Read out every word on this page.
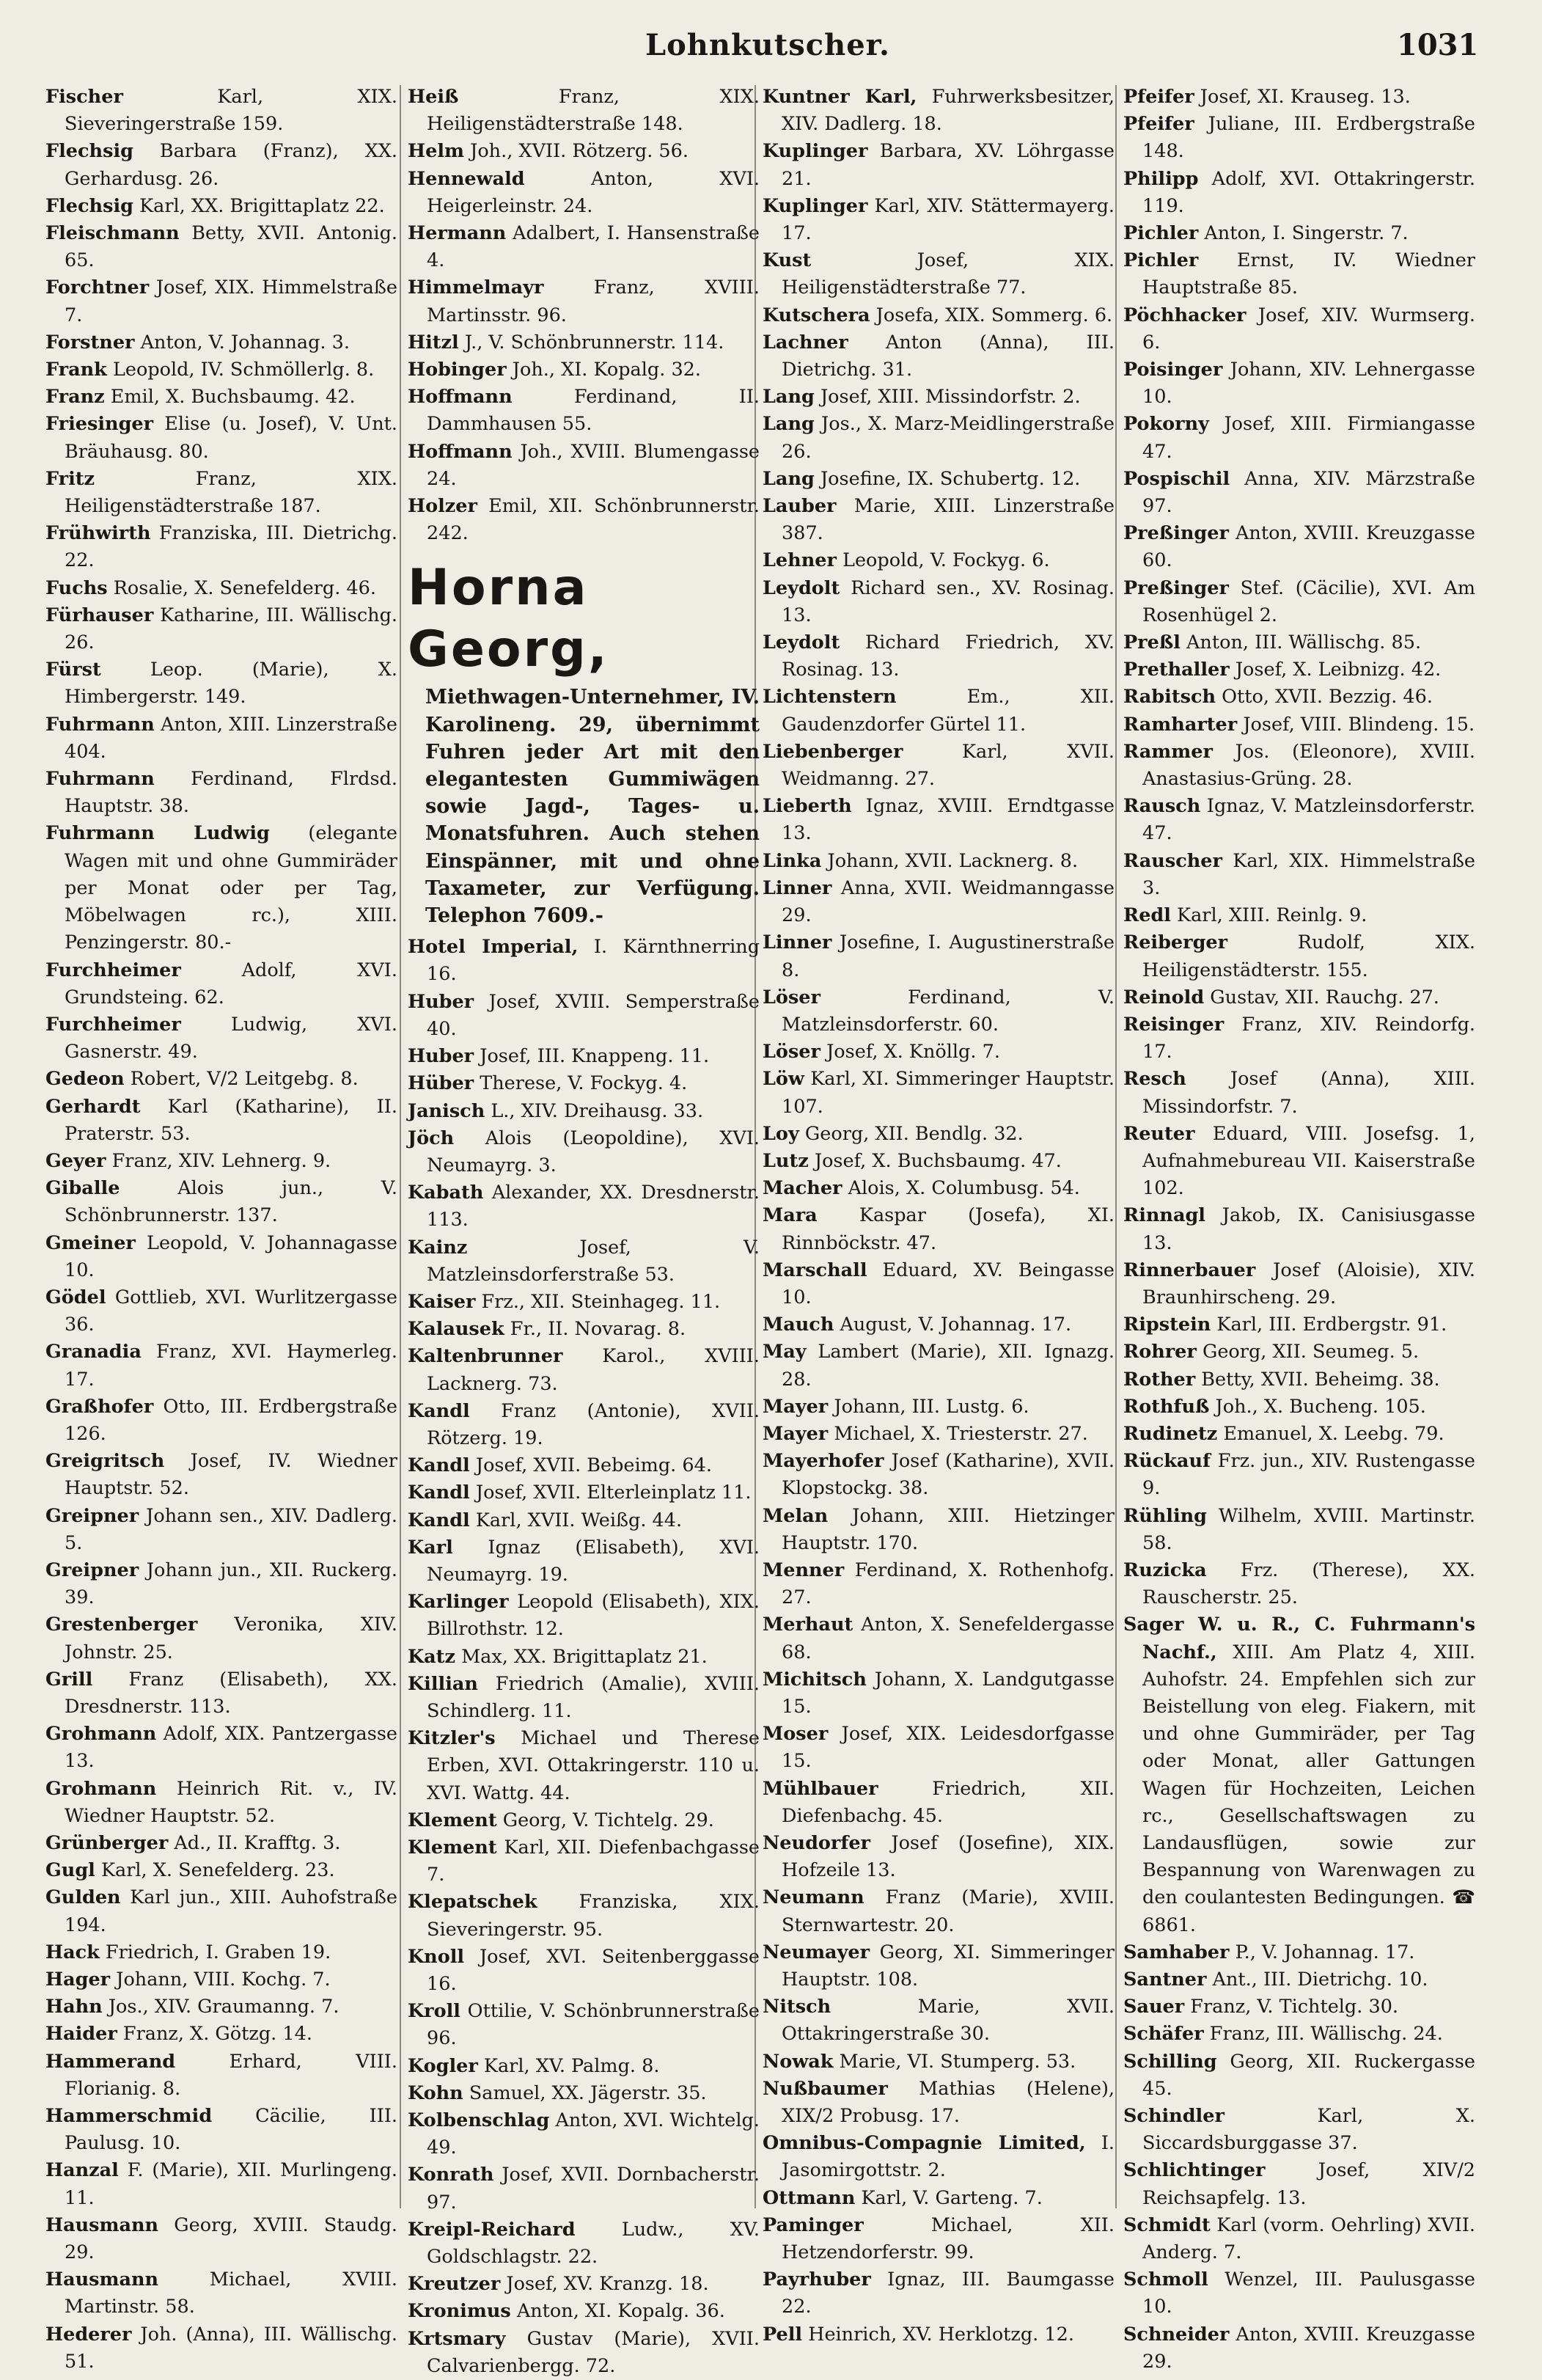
Lohnkutscher.	1031
Fischer	Karl, XIX. Sieveringerstraße 159.
Flechsig Barbara (Franz), XX. Gerhardusg. 26.
Flechsig Karl, XX. Brigittaplatz 22.
Fleischmann Betty, XVII. Antonig. 65.
Forchtner Josef, XIX. Himmelstraße 7.
Forstner Anton, V. Johannag. 3.
Frank Leopold, IV. Schmöllerlg. 8.
Franz Emil, X. Buchsbaumg. 42.
Friesinger Elise (u. Josef), V. Unt. Bräuhausg. 80.
Fritz	Franz, XIX. Heiligenstädterstraße 187.
Frühwirth Franziska, III. Dietrichg. 22.
Fuchs Rosalie, X. Senefelderg. 46.
Fürhauser Katharine, III. Wällischg. 26.
Fürst	Leop. (Marie), X. Himbergerstr. 149.
Fuhrmann Anton, XIII. Linzerstraße 404.
Fuhrmann Ferdinand, Flrdsd. Hauptstr. 38.
Fuhrmann Ludwig (elegante Wagen mit und ohne Gummiräder per Monat oder per Tag, Möbelwagen rc.), XIII. Penzingerstr. 80.-
Furchheimer	Adolf, XVI. Grundsteing. 62.
Furchheimer	Ludwig, XVI. Gasnerstr. 49.
Gedeon Robert, V/2 Leitgebg. 8.
Gerhardt Karl (Katharine), II. Praterstr. 53.
Geyer Franz, XIV. Lehnerg. 9.
Giballe	Alois jun., V. Schönbrunnerstr. 137.
Gmeiner Leopold, V. Johannagasse 10.
Gödel Gottlieb, XVI. Wurlitzergasse 36.
Granadia Franz, XVI. Haymerleg. 17.
Graßhofer Otto, III. Erdbergstraße 126.
Greigritsch Josef, IV. Wiedner Hauptstr. 52.
Greipner Johann sen., XIV. Dadlerg. 5.
Greipner Johann jun., XII. Ruckerg. 39.
Grestenberger Veronika, XIV. Johnstr. 25.
Grill Franz (Elisabeth), XX. Dresdnerstr. 113.
Grohmann Adolf, XIX. Pantzergasse 13.
Grohmann Heinrich Rit. v., IV. Wiedner Hauptstr. 52.
Grünberger Ad., II. Krafftg. 3.
Gugl Karl, X. Senefelderg. 23.
Gulden Karl jun., XIII. Auhofstraße 194.
Hack Friedrich, I. Graben 19.
Hager Johann, VIII. Kochg. 7.
Hahn Jos., XIV. Graumanng. 7.
Haider Franz, X. Götzg. 14.
Hammerand	Erhard, VIII. Florianig. 8.
Hammerschmid Cäcilie, III. Paulusg. 10.
Hanzal F. (Marie), XII. Murlingeng. 11.
Hausmann Georg, XVIII. Staudg. 29.
Hausmann	Michael, XVIII. Martinstr. 58.
Hederer Joh. (Anna), III. Wällischg. 51.
Heiß	Franz, XIX. Heiligenstädterstraße 148.
Helm Joh., XVII. Rötzerg. 56.
Hennewald	Anton, XVI. Heigerleinstr. 24.
Hermann Adalbert, I. Hansenstraße 4.
Himmelmayr	Franz, XVIII. Martinsstr. 96.
Hitzl J., V. Schönbrunnerstr. 114.
Hobinger Joh., XI. Kopalg. 32.
Hoffmann	Ferdinand, II. Dammhausen 55.
Hoffmann Joh., XVIII. Blumengasse 24.
Holzer Emil, XII. Schönbrunnerstr. 242.
Horna Georg,
Miethwagen-Unternehmer, IV. Karolineng. 29, übernimmt Fuhren jeder Art mit den elegantesten Gummiwägen sowie Jagd-, Tages- u. Monatsfuhren. Auch stehen Einspänner, mit und ohne Taxameter, zur Verfügung. Telephon 7609.-
Hotel Imperial, I. Kärnthnerring 16.
Huber Josef, XVIII. Semperstraße 40.
Huber Josef, III. Knappeng. 11.
Hüber Therese, V. Fockyg. 4.
Janisch L., XIV. Dreihausg. 33.
Jöch Alois (Leopoldine), XVI. Neumayrg. 3.
Kabath Alexander, XX. Dresdnerstr. 113.
Kainz	Josef, V. Matzleinsdorferstraße 53.
Kaiser Frz., XII. Steinhageg. 11.
Kalausek Fr., II. Novarag. 8.
Kaltenbrunner Karol., XVIII. Lacknerg. 73.
Kandl Franz (Antonie), XVII. Rötzerg. 19.
Kandl Josef, XVII. Bebeimg. 64.
Kandl Josef, XVII. Elterleinplatz 11.
Kandl Karl, XVII. Weißg. 44.
Karl Ignaz (Elisabeth), XVI. Neumayrg. 19.
Karlinger Leopold (Elisabeth), XIX. Billrothstr. 12.
Katz Max, XX. Brigittaplatz 21.
Killian Friedrich (Amalie), XVIII. Schindlerg. 11.
Kitzler's Michael und Therese Erben, XVI. Ottakringerstr. 110 u. XVI. Wattg. 44.
Klement Georg, V. Tichtelg. 29.
Klement Karl, XII. Diefenbachgasse 7.
Klepatschek Franziska, XIX. Sieveringerstr. 95.
Knoll Josef, XVI. Seitenberggasse 16.
Kroll Ottilie, V. Schönbrunnerstraße 96.
Kogler Karl, XV. Palmg. 8.
Kohn Samuel, XX. Jägerstr. 35.
Kolbenschlag Anton, XVI. Wichtelg. 49.
Konrath Josef, XVII. Dornbacherstr. 97.
Kreipl-Reichard Ludw., XV. Goldschlagstr. 22.
Kreutzer Josef, XV. Kranzg. 18.
Kronimus Anton, XI. Kopalg. 36.
Krtsmary Gustav (Marie), XVII. Calvarienbergg. 72.
Kuntner Karl, Fuhrwerksbesitzer, XIV. Dadlerg. 18.
Kuplinger Barbara, XV. Löhrgasse 21.
Kuplinger Karl, XIV. Stättermayerg. 17.
Kust	Josef, XIX. Heiligenstädterstraße 77.
Kutschera Josefa, XIX. Sommerg. 6.
Lachner Anton (Anna), III. Dietrichg. 31.
Lang Josef, XIII. Missindorfstr. 2.
Lang Jos., X. Marz-Meidlingerstraße 26.
Lang Josefine, IX. Schubertg. 12.
Lauber Marie, XIII. Linzerstraße 387.
Lehner Leopold, V. Fockyg. 6.
Leydolt Richard sen., XV. Rosinag. 13.
Leydolt Richard Friedrich, XV. Rosinag. 13.
Lichtenstern	Em., XII. Gaudenzdorfer Gürtel 11.
Liebenberger	Karl, XVII. Weidmanng. 27.
Lieberth Ignaz, XVIII. Erndtgasse 13.
Linka Johann, XVII. Lacknerg. 8.
Linner Anna, XVII. Weidmanngasse 29.
Linner Josefine, I. Augustinerstraße 8.
Löser	Ferdinand, V. Matzleinsdorferstr. 60.
Löser Josef, X. Knöllg. 7.
Löw Karl, XI. Simmeringer Hauptstr. 107.
Loy Georg, XII. Bendlg. 32.
Lutz Josef, X. Buchsbaumg. 47.
Macher Alois, X. Columbusg. 54.
Mara Kaspar (Josefa), XI. Rinnböckstr. 47.
Marschall Eduard, XV. Beingasse 10.
Mauch August, V. Johannag. 17.
May Lambert (Marie), XII. Ignazg. 28.
Mayer Johann, III. Lustg. 6.
Mayer Michael, X. Triesterstr. 27.
Mayerhofer Josef (Katharine), XVII. Klopstockg. 38.
Melan Johann, XIII. Hietzinger Hauptstr. 170.
Menner Ferdinand, X. Rothenhofg. 27.
Merhaut Anton, X. Senefeldergasse 68.
Michitsch Johann, X. Landgutgasse 15.
Moser Josef, XIX. Leidesdorfgasse 15.
Mühlbauer	Friedrich, XII. Diefenbachg. 45.
Neudorfer Josef (Josefine), XIX. Hofzeile 13.
Neumann Franz (Marie), XVIII. Sternwartestr. 20.
Neumayer Georg, XI. Simmeringer Hauptstr. 108.
Nitsch	Marie, XVII. Ottakringerstraße 30.
Nowak Marie, VI. Stumperg. 53.
Nußbaumer Mathias (Helene), XIX/2 Probusg. 17.
Omnibus-Compagnie Limited, I. Jasomirgottstr. 2.
Ottmann Karl, V. Garteng. 7.
Paminger	Michael, XII. Hetzendorferstr. 99.
Payrhuber Ignaz, III. Baumgasse 22.
Pell Heinrich, XV. Herklotzg. 12.
Pfeifer Josef, XI. Krauseg. 13.
Pfeifer Juliane, III. Erdbergstraße 148.
Philipp Adolf, XVI. Ottakringerstr. 119.
Pichler Anton, I. Singerstr. 7.
Pichler Ernst, IV. Wiedner Hauptstraße 85.
Pöchhacker Josef, XIV. Wurmserg. 6.
Poisinger Johann, XIV. Lehnergasse 10.
Pokorny Josef, XIII. Firmiangasse 47.
Pospischil Anna, XIV. Märzstraße 97.
Preßinger Anton, XVIII. Kreuzgasse 60.
Preßinger Stef. (Cäcilie), XVI. Am Rosenhügel 2.
Preßl Anton, III. Wällischg. 85.
Prethaller Josef, X. Leibnizg. 42.
Rabitsch Otto, XVII. Bezzig. 46.
Ramharter Josef, VIII. Blindeng. 15.
Rammer Jos. (Eleonore), XVIII. Anastasius-Grüng. 28.
Rausch Ignaz, V. Matzleinsdorferstr. 47.
Rauscher Karl, XIX. Himmelstraße 3.
Redl Karl, XIII. Reinlg. 9.
Reiberger	Rudolf, XIX. Heiligenstädterstr. 155.
Reinold Gustav, XII. Rauchg. 27.
Reisinger Franz, XIV. Reindorfg. 17.
Resch Josef (Anna), XIII. Missindorfstr. 7.
Reuter Eduard, VIII. Josefsg. 1, Aufnahmebureau VII. Kaiserstraße 102.
Rinnagl Jakob, IX. Canisiusgasse 13.
Rinnerbauer Josef (Aloisie), XIV. Braunhirscheng. 29.
Ripstein Karl, III. Erdbergstr. 91.
Rohrer Georg, XII. Seumeg. 5.
Rother Betty, XVII. Beheimg. 38.
Rothfuß Joh., X. Bucheng. 105.
Rudinetz Emanuel, X. Leebg. 79.
Rückauf Frz. jun., XIV. Rustengasse 9.
Rühling Wilhelm, XVIII. Martinstr. 58.
Ruzicka Frz. (Therese), XX. Rauscherstr. 25.
Sager W. u. R., C. Fuhrmann's Nachf., XIII. Am Platz 4, XIII. Auhofstr. 24. Empfehlen sich zur Beistellung von eleg. Fiakern, mit und ohne Gummiräder, per Tag oder Monat, aller Gattungen Wagen für Hochzeiten, Leichen rc., Gesellschaftswagen zu Landausflügen, sowie zur Bespannung von Warenwagen zu den coulantesten Bedingungen. ☎ 6861.
Samhaber P., V. Johannag. 17.
Santner Ant., III. Dietrichg. 10.
Sauer Franz, V. Tichtelg. 30.
Schäfer Franz, III. Wällischg. 24.
Schilling Georg, XII. Ruckergasse 45.
Schindler	Karl, X. Siccardsburggasse 37.
Schlichtinger	Josef, XIV/2 Reichsapfelg. 13.
Schmidt Karl (vorm. Oehrling) XVII. Anderg. 7.
Schmoll Wenzel, III. Paulusgasse 10.
Schneider Anton, XVIII. Kreuzgasse 29.
